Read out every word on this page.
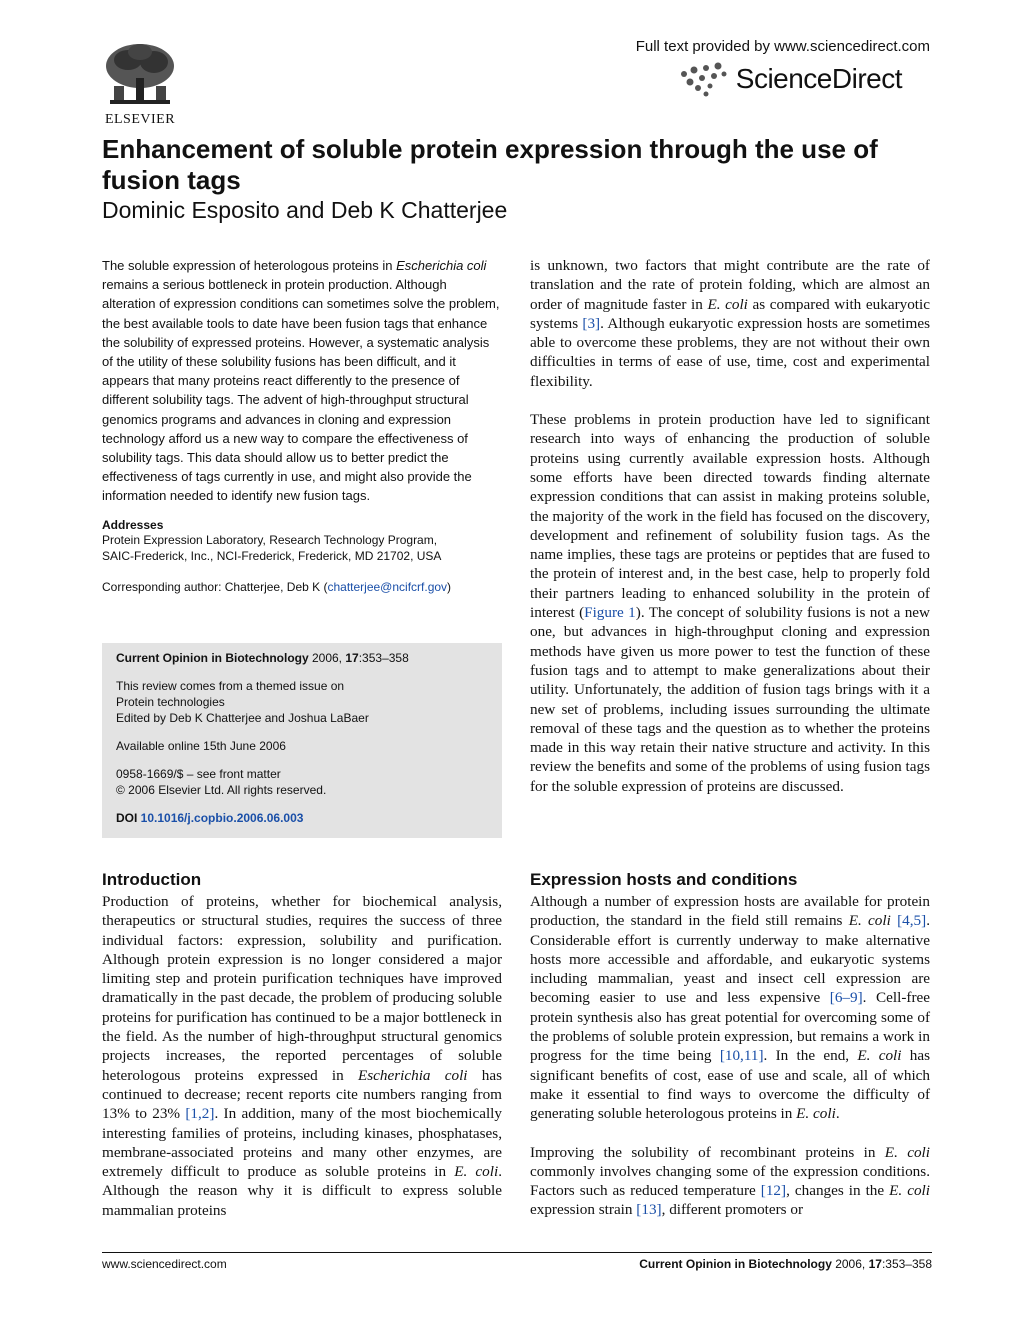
ELSEVIER
Full text provided by www.sciencedirect.com
ScienceDirect
Enhancement of soluble protein expression through the use of fusion tags
Dominic Esposito and Deb K Chatterjee

The soluble expression of heterologous proteins in Escherichia coli remains a serious bottleneck in protein production. Although alteration of expression conditions can sometimes solve the problem, the best available tools to date have been fusion tags that enhance the solubility of expressed proteins. However, a systematic analysis of the utility of these solubility fusions has been difficult, and it appears that many proteins react differently to the presence of different solubility tags. The advent of high-throughput structural genomics programs and advances in cloning and expression technology afford us a new way to compare the effectiveness of solubility tags. This data should allow us to better predict the effectiveness of tags currently in use, and might also provide the information needed to identify new fusion tags.

Addresses
Protein Expression Laboratory, Research Technology Program,
SAIC-Frederick, Inc., NCI-Frederick, Frederick, MD 21702, USA
Corresponding author: Chatterjee, Deb K (chatterjee@ncifcrf.gov)

Current Opinion in Biotechnology 2006, 17:353–358

This review comes from a themed issue on

Protein technologies

Edited by Deb K Chatterjee and Joshua LaBaer

Available online 15th June 2006

0958-1669/$ – see front matter

© 2006 Elsevier Ltd. All rights reserved.

DOI 10.1016/j.copbio.2006.06.003

Introduction

Production of proteins, whether for biochemical analysis, therapeutics or structural studies, requires the success of three individual factors: expression, solubility and purification. Although protein expression is no longer considered a major limiting step and protein purification techniques have improved dramatically in the past decade, the problem of producing soluble proteins for purification has continued to be a major bottleneck in the field. As the number of high-throughput structural genomics projects increases, the reported percentages of soluble heterologous proteins expressed in Escherichia coli has continued to decrease; recent reports cite numbers ranging from 13% to 23% [1,2]. In addition, many of the most biochemically interesting families of proteins, including kinases, phosphatases, membrane-associated proteins and many other enzymes, are extremely difficult to produce as soluble proteins in E. coli. Although the reason why it is difficult to express soluble mammalian proteins

is unknown, two factors that might contribute are the rate of translation and the rate of protein folding, which are almost an order of magnitude faster in E. coli as compared with eukaryotic systems [3]. Although eukaryotic expression hosts are sometimes able to overcome these problems, they are not without their own difficulties in terms of ease of use, time, cost and experimental flexibility.

These problems in protein production have led to significant research into ways of enhancing the production of soluble proteins using currently available expression hosts. Although some efforts have been directed towards finding alternate expression conditions that can assist in making proteins soluble, the majority of the work in the field has focused on the discovery, development and refinement of solubility fusion tags. As the name implies, these tags are proteins or peptides that are fused to the protein of interest and, in the best case, help to properly fold their partners leading to enhanced solubility in the protein of interest (Figure 1). The concept of solubility fusions is not a new one, but advances in high-throughput cloning and expression methods have given us more power to test the function of these fusion tags and to attempt to make generalizations about their utility. Unfortunately, the addition of fusion tags brings with it a new set of problems, including issues surrounding the ultimate removal of these tags and the question as to whether the proteins made in this way retain their native structure and activity. In this review the benefits and some of the problems of using fusion tags for the soluble expression of proteins are discussed.

Expression hosts and conditions

Although a number of expression hosts are available for protein production, the standard in the field still remains E. coli [4,5]. Considerable effort is currently underway to make alternative hosts more accessible and affordable, and eukaryotic systems including mammalian, yeast and insect cell expression are becoming easier to use and less expensive [6–9]. Cell-free protein synthesis also has great potential for overcoming some of the problems of soluble protein expression, but remains a work in progress for the time being [10,11]. In the end, E. coli has significant benefits of cost, ease of use and scale, all of which make it essential to find ways to overcome the difficulty of generating soluble heterologous proteins in E. coli.

Improving the solubility of recombinant proteins in E. coli commonly involves changing some of the expression conditions. Factors such as reduced temperature [12], changes in the E. coli expression strain [13], different promoters or

www.sciencedirect.com	Current Opinion in Biotechnology 2006, 17:353–358
